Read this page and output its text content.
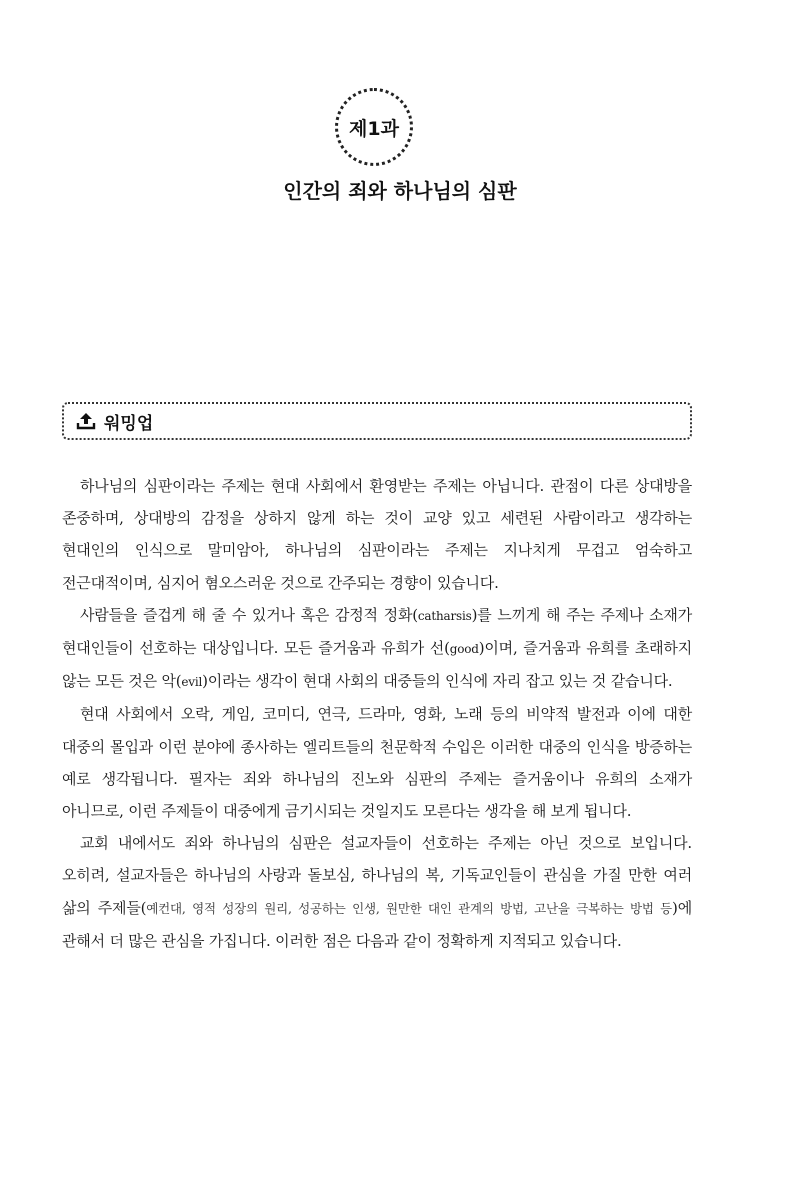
제1과
인간의 죄와 하나님의 심판
워밍업

하나님의 심판이라는 주제는 현대 사회에서 환영받는 주제는 아닙니다. 관점이 다른 상대방을 존중하며, 상대방의 감정을 상하지 않게 하는 것이 교양 있고 세련된 사람이라고 생각하는 현대인의 인식으로 말미암아, 하나님의 심판이라는 주제는 지나치게 무겁고 엄숙하고 전근대적이며, 심지어 혐오스러운 것으로 간주되는 경향이 있습니다.

사람들을 즐겁게 해 줄 수 있거나 혹은 감정적 정화(catharsis)를 느끼게 해 주는 주제나 소재가 현대인들이 선호하는 대상입니다. 모든 즐거움과 유희가 선(good)이며, 즐거움과 유희를 초래하지 않는 모든 것은 악(evil)이라는 생각이 현대 사회의 대중들의 인식에 자리 잡고 있는 것 같습니다.

현대 사회에서 오락, 게임, 코미디, 연극, 드라마, 영화, 노래 등의 비약적 발전과 이에 대한 대중의 몰입과 이런 분야에 종사하는 엘리트들의 천문학적 수입은 이러한 대중의 인식을 방증하는 예로 생각됩니다. 필자는 죄와 하나님의 진노와 심판의 주제는 즐거움이나 유희의 소재가 아니므로, 이런 주제들이 대중에게 금기시되는 것일지도 모른다는 생각을 해 보게 됩니다.

교회 내에서도 죄와 하나님의 심판은 설교자들이 선호하는 주제는 아닌 것으로 보입니다. 오히려, 설교자들은 하나님의 사랑과 돌보심, 하나님의 복, 기독교인들이 관심을 가질 만한 여러 삶의 주제들(예컨대, 영적 성장의 원리, 성공하는 인생, 원만한 대인 관계의 방법, 고난을 극복하는 방법 등)에 관해서 더 많은 관심을 가집니다. 이러한 점은 다음과 같이 정확하게 지적되고 있습니다.
